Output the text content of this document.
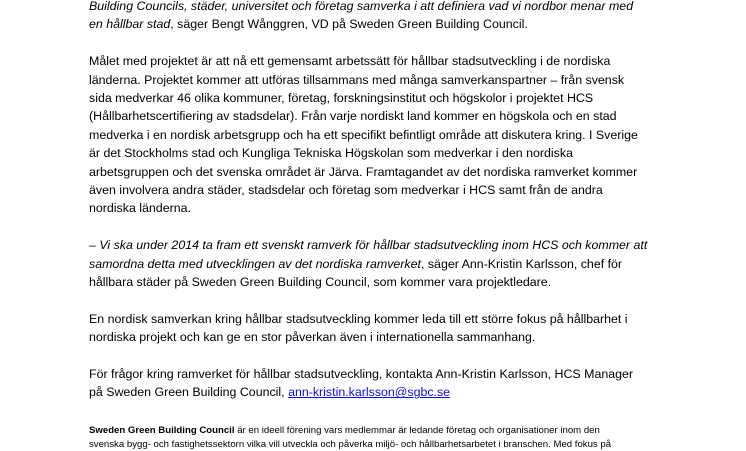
Building Councils, städer, universitet och företag samverka i att definiera vad vi nordbor menar med
en hållbar stad, säger Bengt Wånggren, VD på Sweden Green Building Council.

Målet med projektet är att nå ett gemensamt arbetssätt för hållbar stadsutveckling i de nordiska
länderna. Projektet kommer att utföras tillsammans med många samverkanspartner – från svensk
sida medverkar 46 olika kommuner, företag, forskningsinstitut och högskolor i projektet HCS
(Hållbarhetscertifiering av stadsdelar). Från varje nordiskt land kommer en högskola och en stad
medverka i en nordisk arbetsgrupp och ha ett specifikt befintligt område att diskutera kring. I Sverige
är det Stockholms stad och Kungliga Tekniska Högskolan som medverkar i den nordiska
arbetsgruppen och det svenska området är Järva. Framtagandet av det nordiska ramverket kommer
även involvera andra städer, stadsdelar och företag som medverkar i HCS samt från de andra
nordiska länderna.

– Vi ska under 2014 ta fram ett svenskt ramverk för hållbar stadsutveckling inom HCS och kommer att
samordna detta med utvecklingen av det nordiska ramverket, säger Ann-Kristin Karlsson, chef för
hållbara städer på Sweden Green Building Council, som kommer vara projektledare.

En nordisk samverkan kring hållbar stadsutveckling kommer leda till ett större fokus på hållbarhet i
nordiska projekt och kan ge en stor påverkan även i internationella sammanhang.

För frågor kring ramverket för hållbar stadsutveckling, kontakta Ann-Kristin Karlsson, HCS Manager
på Sweden Green Building Council, ann-kristin.karlsson@sgbc.se

Sweden Green Building Council är en ideell förening vars medlemmar är ledande företag och organisationer inom den
svenska bygg- och fastighetssektorn vilka vill utveckla och påverka miljö- och hållbarhetsarbetet i branschen. Med fokus på
